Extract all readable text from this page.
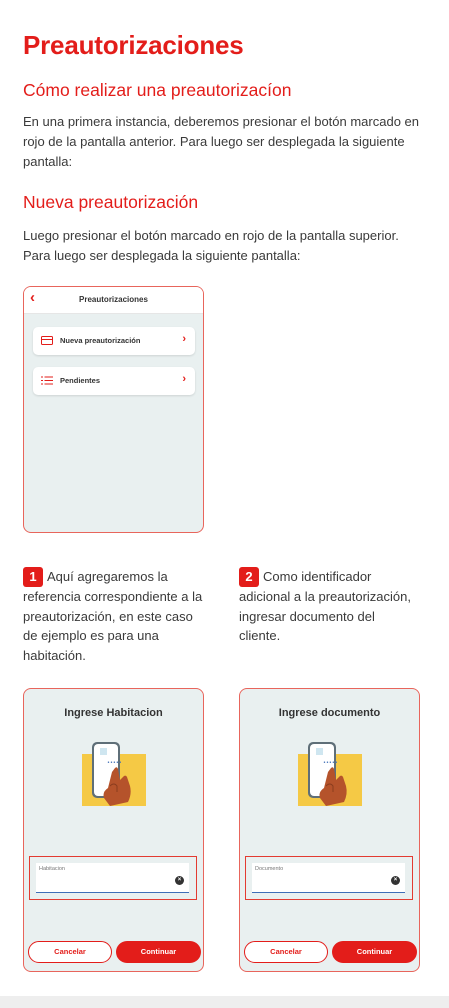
Preautorizaciones
Cómo realizar una preautorizacíon
En una primera instancia, deberemos presionar el botón marcado en rojo de la pantalla anterior. Para luego ser desplegada la siguiente pantalla:
Nueva preautorización
Luego presionar el botón marcado en rojo de la pantalla superior. Para luego ser desplegada la siguiente pantalla:
‹	Preautorizaciones
Nueva preautorización	›
Pendientes	›
1 Aquí agregaremos la referencia correspondiente a la preautorización, en este caso de ejemplo es para una habitación.
2 Como identificador adicional a la preautorización, ingresar documento del cliente.
Ingrese Habitacion
•••••
Habitacion
×
Cancelar	Continuar
Ingrese documento
•••••
Documento
×
Cancelar	Continuar
